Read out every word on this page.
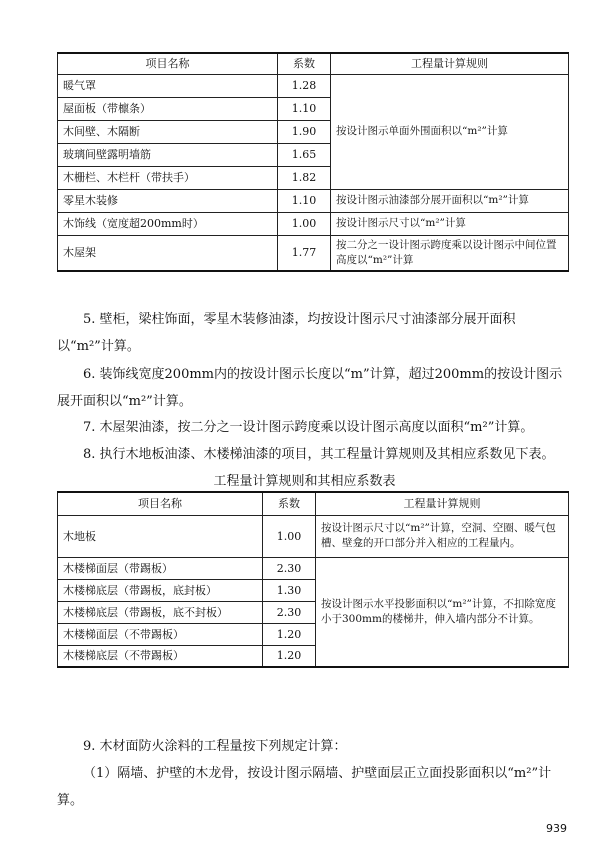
项目名称	系数	工程量计算规则
暖气罩	1.28	按设计图示单面外围面积以“m²”计算
屋面板（带檩条）	1.10	
木间壁、木隔断	1.90	
玻璃间壁露明墙筋	1.65	
木栅栏、木栏杆（带扶手）	1.82	
零星木装修	1.10	按设计图示油漆部分展开面积以“m²”计算
木饰线（宽度超200mm时）	1.00	按设计图示尺寸以“m²”计算
木屋架	1.77	按二分之一设计图示跨度乘以设计图示中间位置高度以“m²”计算

5. 壁柜，梁柱饰面，零星木装修油漆，均按设计图示尺寸油漆部分展开面积以“m²”计算。

6. 装饰线宽度200mm内的按设计图示长度以“m”计算，超过200mm的按设计图示展开面积以“m²”计算。

7. 木屋架油漆，按二分之一设计图示跨度乘以设计图示高度以面积“m²”计算。

8. 执行木地板油漆、木楼梯油漆的项目，其工程量计算规则及其相应系数见下表。

工程量计算规则和其相应系数表

项目名称	系数	工程量计算规则
木地板	1.00	按设计图示尺寸以“m²”计算，空洞、空圈、暖气包槽、壁龛的开口部分并入相应的工程量内。
木楼梯面层（带踢板）	2.30	按设计图示水平投影面积以“m²”计算，不扣除宽度小于300mm的楼梯井，伸入墙内部分不计算。
木楼梯底层（带踢板，底封板）	1.30	
木楼梯底层（带踢板，底不封板）	2.30	
木楼梯面层（不带踢板）	1.20	
木楼梯底层（不带踢板）	1.20	

9. 木材面防火涂料的工程量按下列规定计算：

（1）隔墙、护壁的木龙骨，按设计图示隔墙、护壁面层正立面投影面积以“m²”计算。

939
